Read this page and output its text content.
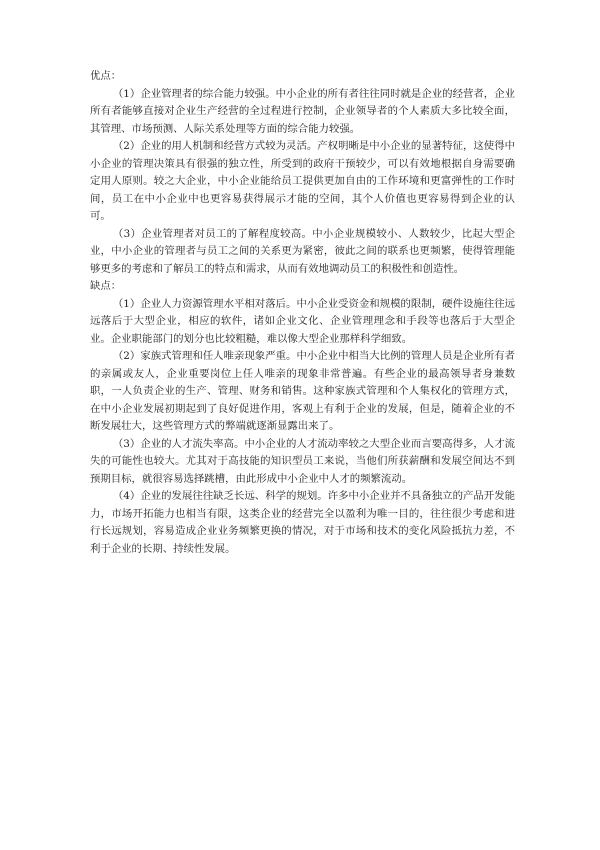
优点：

（1）企业管理者的综合能力较强。中小企业的所有者往往同时就是企业的经营者，企业所有者能够直接对企业生产经营的全过程进行控制，企业领导者的个人素质大多比较全面，其管理、市场预测、人际关系处理等方面的综合能力较强。

（2）企业的用人机制和经营方式较为灵活。产权明晰是中小企业的显著特征，这使得中小企业的管理决策具有很强的独立性，所受到的政府干预较少，可以有效地根据自身需要确定用人原则。较之大企业，中小企业能给员工提供更加自由的工作环境和更富弹性的工作时间，员工在中小企业中也更容易获得展示才能的空间，其个人价值也更容易得到企业的认可。

（3）企业管理者对员工的了解程度较高。中小企业规模较小、人数较少，比起大型企业，中小企业的管理者与员工之间的关系更为紧密，彼此之间的联系也更频繁，使得管理能够更多的考虑和了解员工的特点和需求，从而有效地调动员工的积极性和创造性。

缺点：

（1）企业人力资源管理水平相对落后。中小企业受资金和规模的限制，硬件设施往往远远落后于大型企业，相应的软件，诸如企业文化、企业管理理念和手段等也落后于大型企业。企业职能部门的划分也比较粗糙，难以像大型企业那样科学细致。

（2）家族式管理和任人唯亲现象严重。中小企业中相当大比例的管理人员是企业所有者的亲属或友人，企业重要岗位上任人唯亲的现象非常普遍。有些企业的最高领导者身兼数职，一人负责企业的生产、管理、财务和销售。这种家族式管理和个人集权化的管理方式，在中小企业发展初期起到了良好促进作用，客观上有利于企业的发展，但是，随着企业的不断发展壮大，这些管理方式的弊端就逐渐显露出来了。

（3）企业的人才流失率高。中小企业的人才流动率较之大型企业而言要高得多，人才流失的可能性也较大。尤其对于高技能的知识型员工来说，当他们所获薪酬和发展空间达不到预期目标，就很容易选择跳槽，由此形成中小企业中人才的频繁流动。

（4）企业的发展往往缺乏长远、科学的规划。许多中小企业并不具备独立的产品开发能力，市场开拓能力也相当有限，这类企业的经营完全以盈利为唯一目的，往往很少考虑和进行长远规划，容易造成企业业务频繁更换的情况，对于市场和技术的变化风险抵抗力差，不利于企业的长期、持续性发展。
